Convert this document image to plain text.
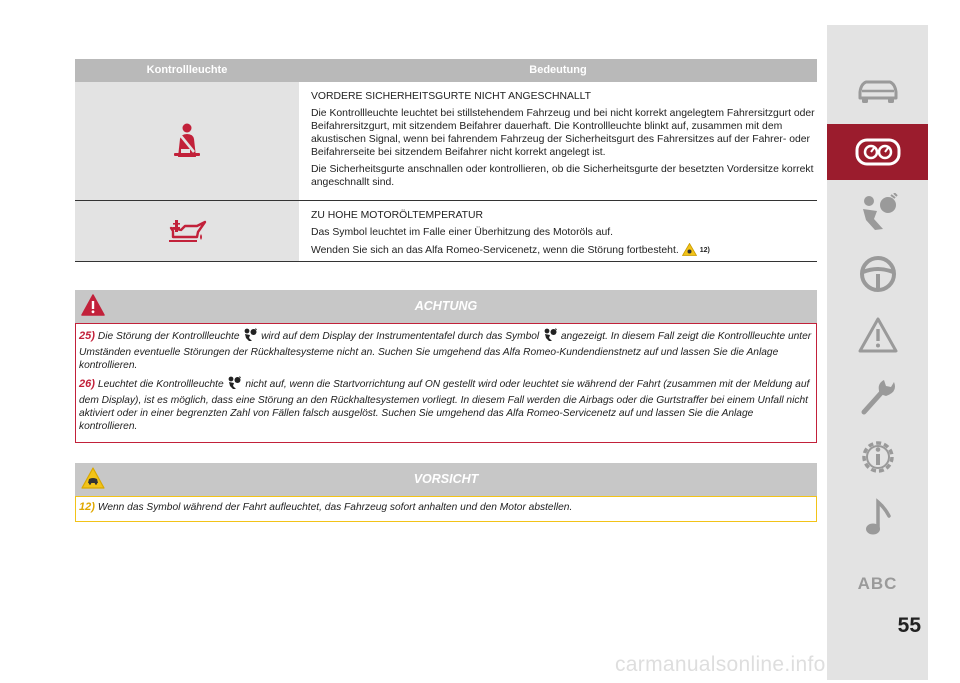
Kontrollleuchte	Bedeutung

VORDERE SICHERHEITSGURTE NICHT ANGESCHNALLT

Die Kontrollleuchte leuchtet bei stillstehendem Fahrzeug und bei nicht korrekt angelegtem Fahrersitzgurt oder Beifahrersitzgurt, mit sitzendem Beifahrer dauerhaft. Die Kontrollleuchte blinkt auf, zusammen mit dem akustischen Signal, wenn bei fahrendem Fahrzeug der Sicherheitsgurt des Fahrersitzes auf der Fahrer- oder Beifahrerseite bei sitzendem Beifahrer nicht korrekt angelegt ist.

Die Sicherheitsgurte anschnallen oder kontrollieren, ob die Sicherheitsgurte der besetzten Vordersitze korrekt angeschnallt sind.

ZU HOHE MOTORÖLTEMPERATUR

Das Symbol leuchtet im Falle einer Überhitzung des Motoröls auf.

Wenden Sie sich an das Alfa Romeo-Servicenetz, wenn die Störung fortbesteht.	12)

ACHTUNG

25) Die Störung der Kontrollleuchte wird auf dem Display der Instrumententafel durch das Symbol angezeigt. In diesem Fall zeigt die Kontrollleuchte unter Umständen eventuelle Störungen der Rückhaltesysteme nicht an. Suchen Sie umgehend das Alfa Romeo-Kundendienstnetz auf und lassen Sie die Anlage kontrollieren.

26) Leuchtet die Kontrollleuchte nicht auf, wenn die Startvorrichtung auf ON gestellt wird oder leuchtet sie während der Fahrt (zusammen mit der Meldung auf dem Display), ist es möglich, dass eine Störung an den Rückhaltesystemen vorliegt. In diesem Fall werden die Airbags oder die Gurtstraffer bei einem Unfall nicht aktiviert oder in einer begrenzten Zahl von Fällen falsch ausgelöst. Suchen Sie umgehend das Alfa Romeo-Servicenetz auf und lassen Sie die Anlage kontrollieren.

VORSICHT

12) Wenn das Symbol während der Fahrt aufleuchtet, das Fahrzeug sofort anhalten und den Motor abstellen.

ABC
55
carmanualsonline.info
